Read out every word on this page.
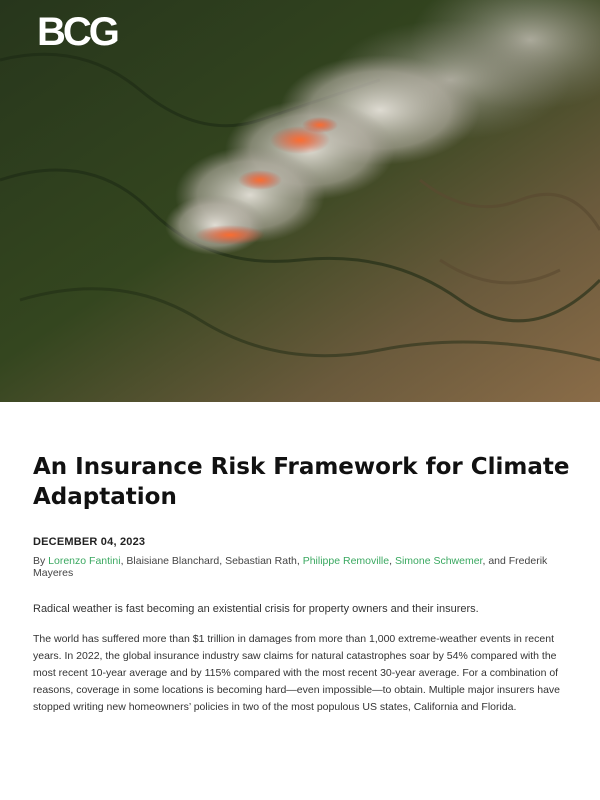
BCG
An Insurance Risk Framework for Climate Adaptation
DECEMBER 04, 2023
By Lorenzo Fantini, Blaisiane Blanchard, Sebastian Rath, Philippe Removille, Simone Schwemer, and Frederik Mayeres

Radical weather is fast becoming an existential crisis for property owners and their insurers.

The world has suffered more than $1 trillion in damages from more than 1,000 extreme-weather events in recent years. In 2022, the global insurance industry saw claims for natural catastrophes soar by 54% compared with the most recent 10-year average and by 115% compared with the most recent 30-year average. For a combination of reasons, coverage in some locations is becoming hard—even impossible—to obtain. Multiple major insurers have stopped writing new homeowners’ policies in two of the most populous US states, California and Florida.
